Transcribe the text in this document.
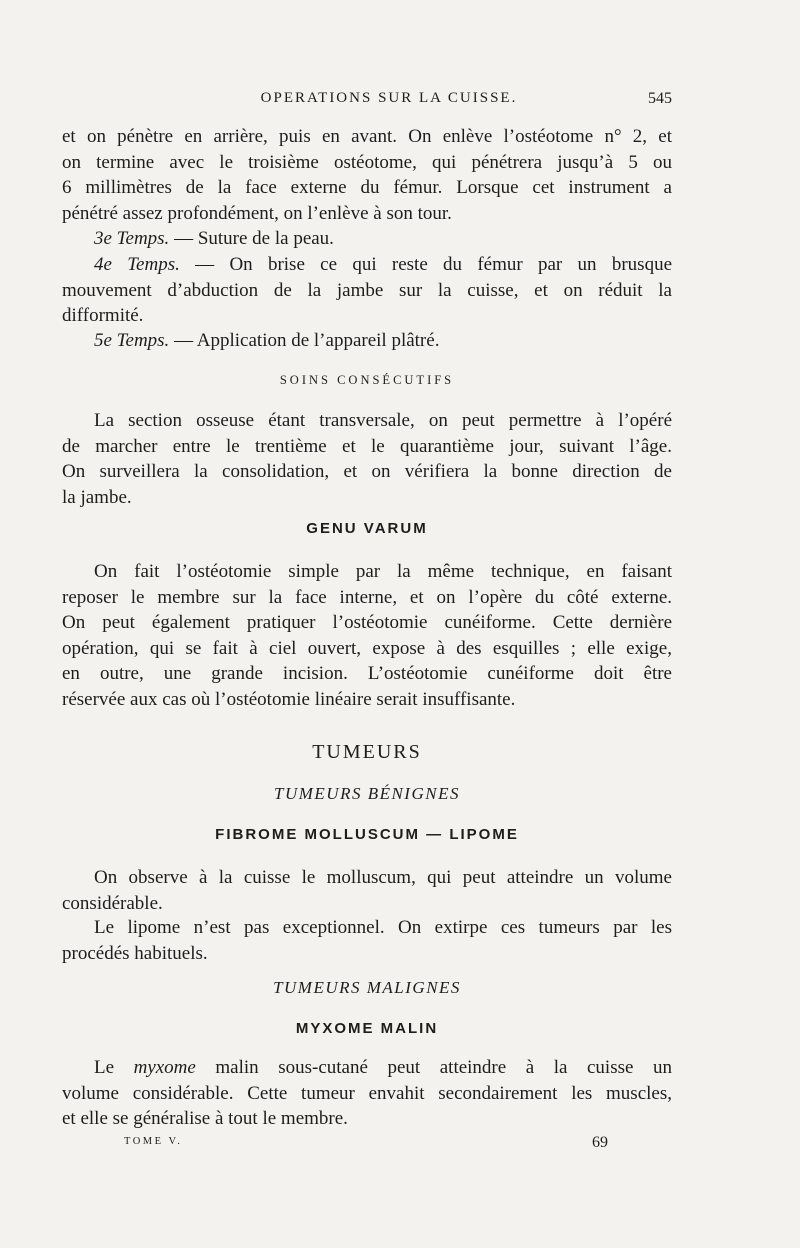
OPERATIONS SUR LA CUISSE.	545
et on pénètre en arrière, puis en avant. On enlève l’ostéotome n° 2, et
on termine avec le troisième ostéotome, qui pénétrera jusqu’à 5 ou
6 millimètres de la face externe du fémur. Lorsque cet instrument a
pénétré assez profondément, on l’enlève à son tour.
3e Temps. — Suture de la peau.
4e Temps. — On brise ce qui reste du fémur par un brusque
mouvement d’abduction de la jambe sur la cuisse, et on réduit la
difformité.
5e Temps. — Application de l’appareil plâtré.

SOINS CONSÉCUTIFS

La section osseuse étant transversale, on peut permettre à l’opéré
de marcher entre le trentième et le quarantième jour, suivant l’âge.
On surveillera la consolidation, et on vérifiera la bonne direction de
la jambe.

GENU VARUM

On fait l’ostéotomie simple par la même technique, en faisant
reposer le membre sur la face interne, et on l’opère du côté externe.
On peut également pratiquer l’ostéotomie cunéiforme. Cette dernière
opération, qui se fait à ciel ouvert, expose à des esquilles ; elle exige,
en outre, une grande incision. L’ostéotomie cunéiforme doit être
réservée aux cas où l’ostéotomie linéaire serait insuffisante.

TUMEURS

TUMEURS BÉNIGNES

FIBROME MOLLUSCUM — LIPOME

On observe à la cuisse le molluscum, qui peut atteindre un volume
considérable.
Le lipome n’est pas exceptionnel. On extirpe ces tumeurs par les
procédés habituels.

TUMEURS MALIGNES

MYXOME MALIN

Le myxome malin sous-cutané peut atteindre à la cuisse un
volume considérable. Cette tumeur envahit secondairement les muscles,
et elle se généralise à tout le membre.
TOME V.	69
